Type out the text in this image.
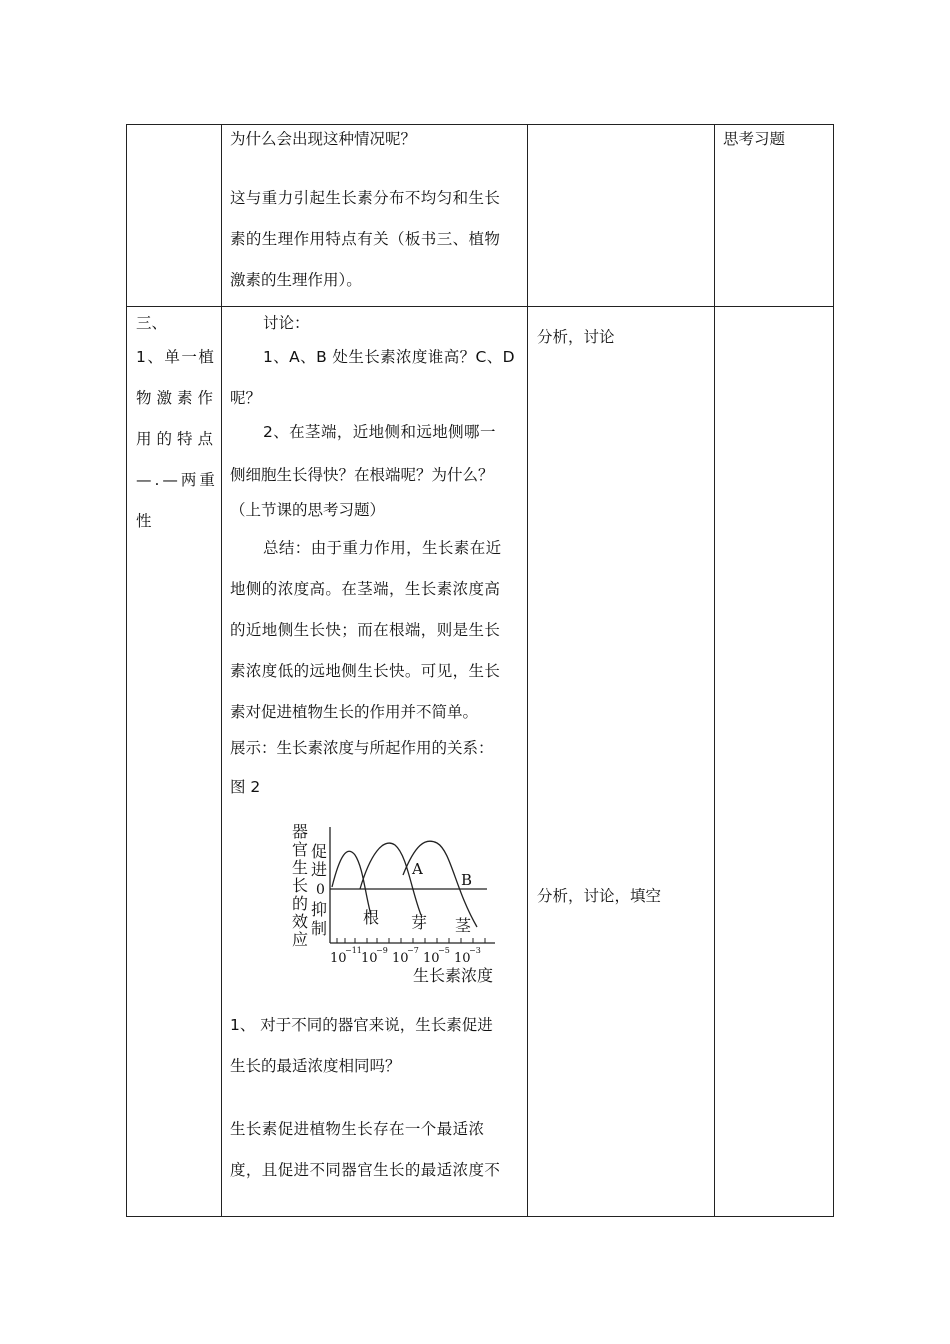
为什么会出现这种情况呢？
这与重力引起生长素分布不均匀和生长
素的生理作用特点有关（板书三、植物
激素的生理作用）。
思考习题
三、
1、单一植
物激素作
用的特点
—.—两重
性
讨论：
1、A、B 处生长素浓度谁高？C、D
呢？
2、在茎端，近地侧和远地侧哪一
侧细胞生长得快？在根端呢？为什么？
（上节课的思考习题）
总结：由于重力作用，生长素在近
地侧的浓度高。在茎端，生长素浓度高
的近地侧生长快；而在根端，则是生长
素浓度低的远地侧生长快。可见，生长
素对促进植物生长的作用并不简单。
展示：生长素浓度与所起作用的关系：
图 2
器
官
生
长
的
效
应
促
进
0
抑
制
A
B
根 芽 茎
10
−11
10
−9
10
−7
10
−5
10
−3
生长素浓度
1、 对于不同的器官来说，生长素促进
生长的最适浓度相同吗？
生长素促进植物生长存在一个最适浓
度，且促进不同器官生长的最适浓度不
分析，讨论
分析，讨论，填空
